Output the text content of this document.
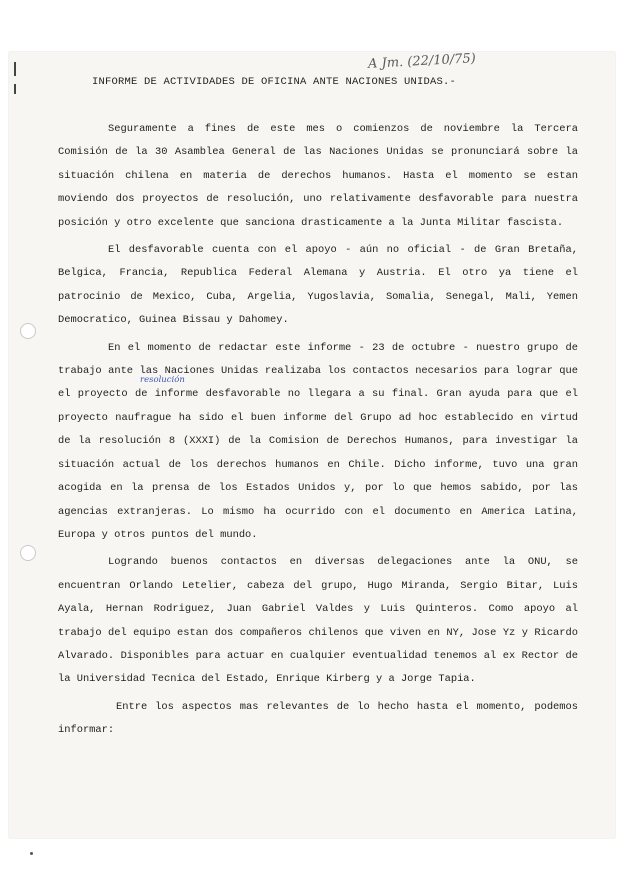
A Jm. (22/10/75)
INFORME DE ACTIVIDADES DE OFICINA ANTE NACIONES UNIDAS.-
resolución

Seguramente a fines de este mes o comienzos de noviembre la Tercera Comisión de la 30 Asamblea General de las Naciones Unidas se pronunciará sobre la situación chilena en materia de derechos humanos. Hasta el momento se estan moviendo dos proyectos de resolución, uno relativamente desfavorable para nuestra posición y otro excelente que sanciona drasticamente a la Junta Militar fascista.

El desfavorable cuenta con el apoyo - aún no oficial - de Gran Bretaña, Belgica, Francia, Republica Federal Alemana y Austria. El otro ya tiene el patrocinio de Mexico, Cuba, Argelia, Yugoslavia, Somalia, Senegal, Mali, Yemen Democratico, Guinea Bissau y Dahomey.

En el momento de redactar este informe - 23 de octubre - nuestro grupo de trabajo ante las Naciones Unidas realizaba los contactos necesarios para lograr que el proyecto de informe desfavorable no llegara a su final. Gran ayuda para que el proyecto naufrague ha sido el buen informe del Grupo ad hoc establecido en virtud de la resolución 8 (XXXI) de la Comision de Derechos Humanos, para investigar la situación actual de los derechos humanos en Chile. Dicho informe, tuvo una gran acogida en la prensa de los Estados Unidos y, por lo que hemos sabido, por las agencias extranjeras. Lo mismo ha ocurrido con el documento en America Latina, Europa y otros puntos del mundo.

Logrando buenos contactos en diversas delegaciones ante la ONU, se encuentran Orlando Letelier, cabeza del grupo, Hugo Miranda, Sergio Bitar, Luis Ayala, Hernan Rodriguez, Juan Gabriel Valdes y Luis Quinteros. Como apoyo al trabajo del equipo estan dos compañeros chilenos que viven en NY, Jose Yz y Ricardo Alvarado. Disponibles para actuar en cualquier eventualidad tenemos al ex Rector de la Universidad Tecnica del Estado, Enrique Kirberg y a Jorge Tapia.

Entre los aspectos mas relevantes de lo hecho hasta el momento, podemos informar:
